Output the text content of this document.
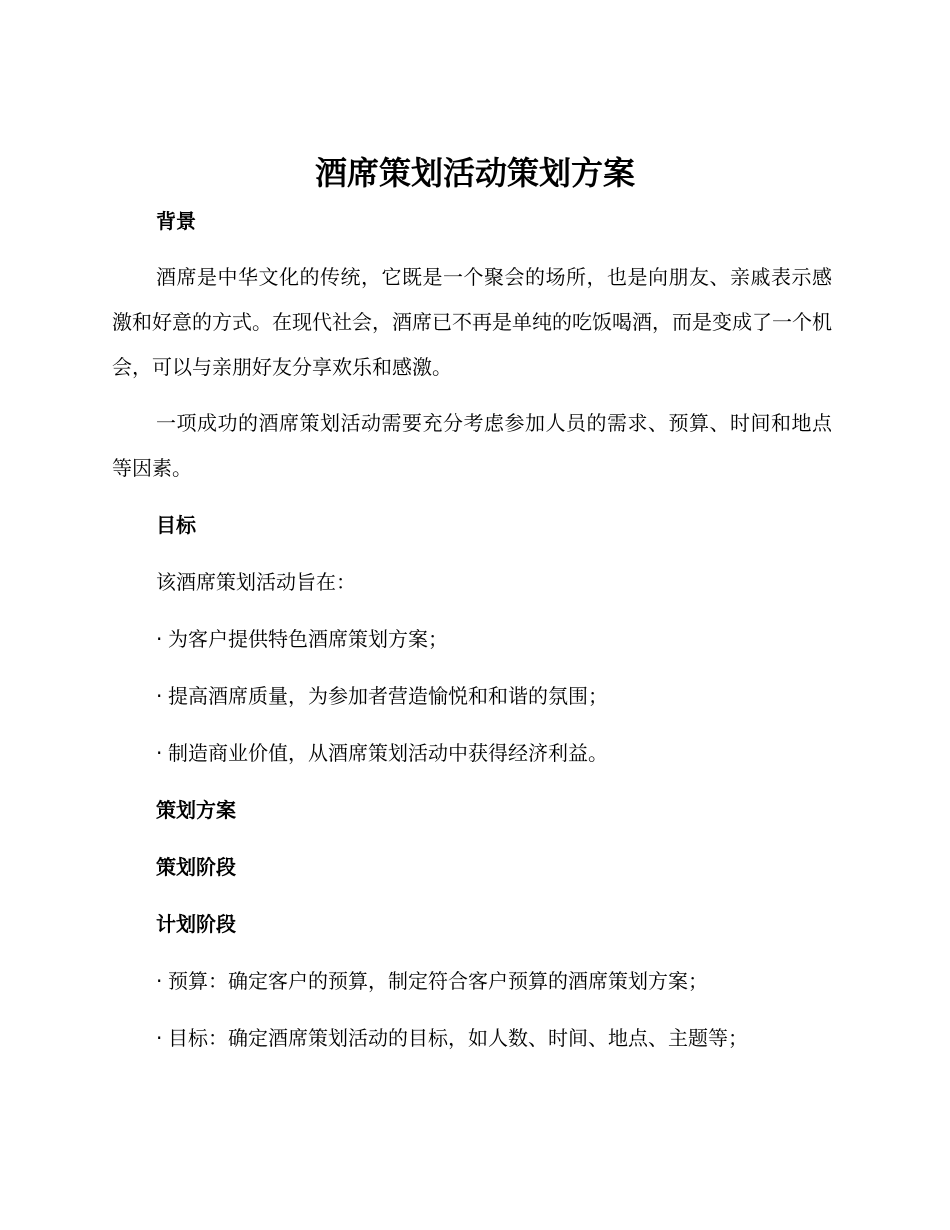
酒席策划活动策划方案
背景

酒席是中华文化的传统，它既是一个聚会的场所，也是向朋友、亲戚表示感激和好意的方式。在现代社会，酒席已不再是单纯的吃饭喝酒，而是变成了一个机会，可以与亲朋好友分享欢乐和感激。

一项成功的酒席策划活动需要充分考虑参加人员的需求、预算、时间和地点等因素。

目标
该酒席策划活动旨在：
· 为客户提供特色酒席策划方案；
· 提高酒席质量，为参加者营造愉悦和和谐的氛围；
· 制造商业价值，从酒席策划活动中获得经济利益。
策划方案
策划阶段
计划阶段
· 预算：确定客户的预算，制定符合客户预算的酒席策划方案；
· 目标：确定酒席策划活动的目标，如人数、时间、地点、主题等；
